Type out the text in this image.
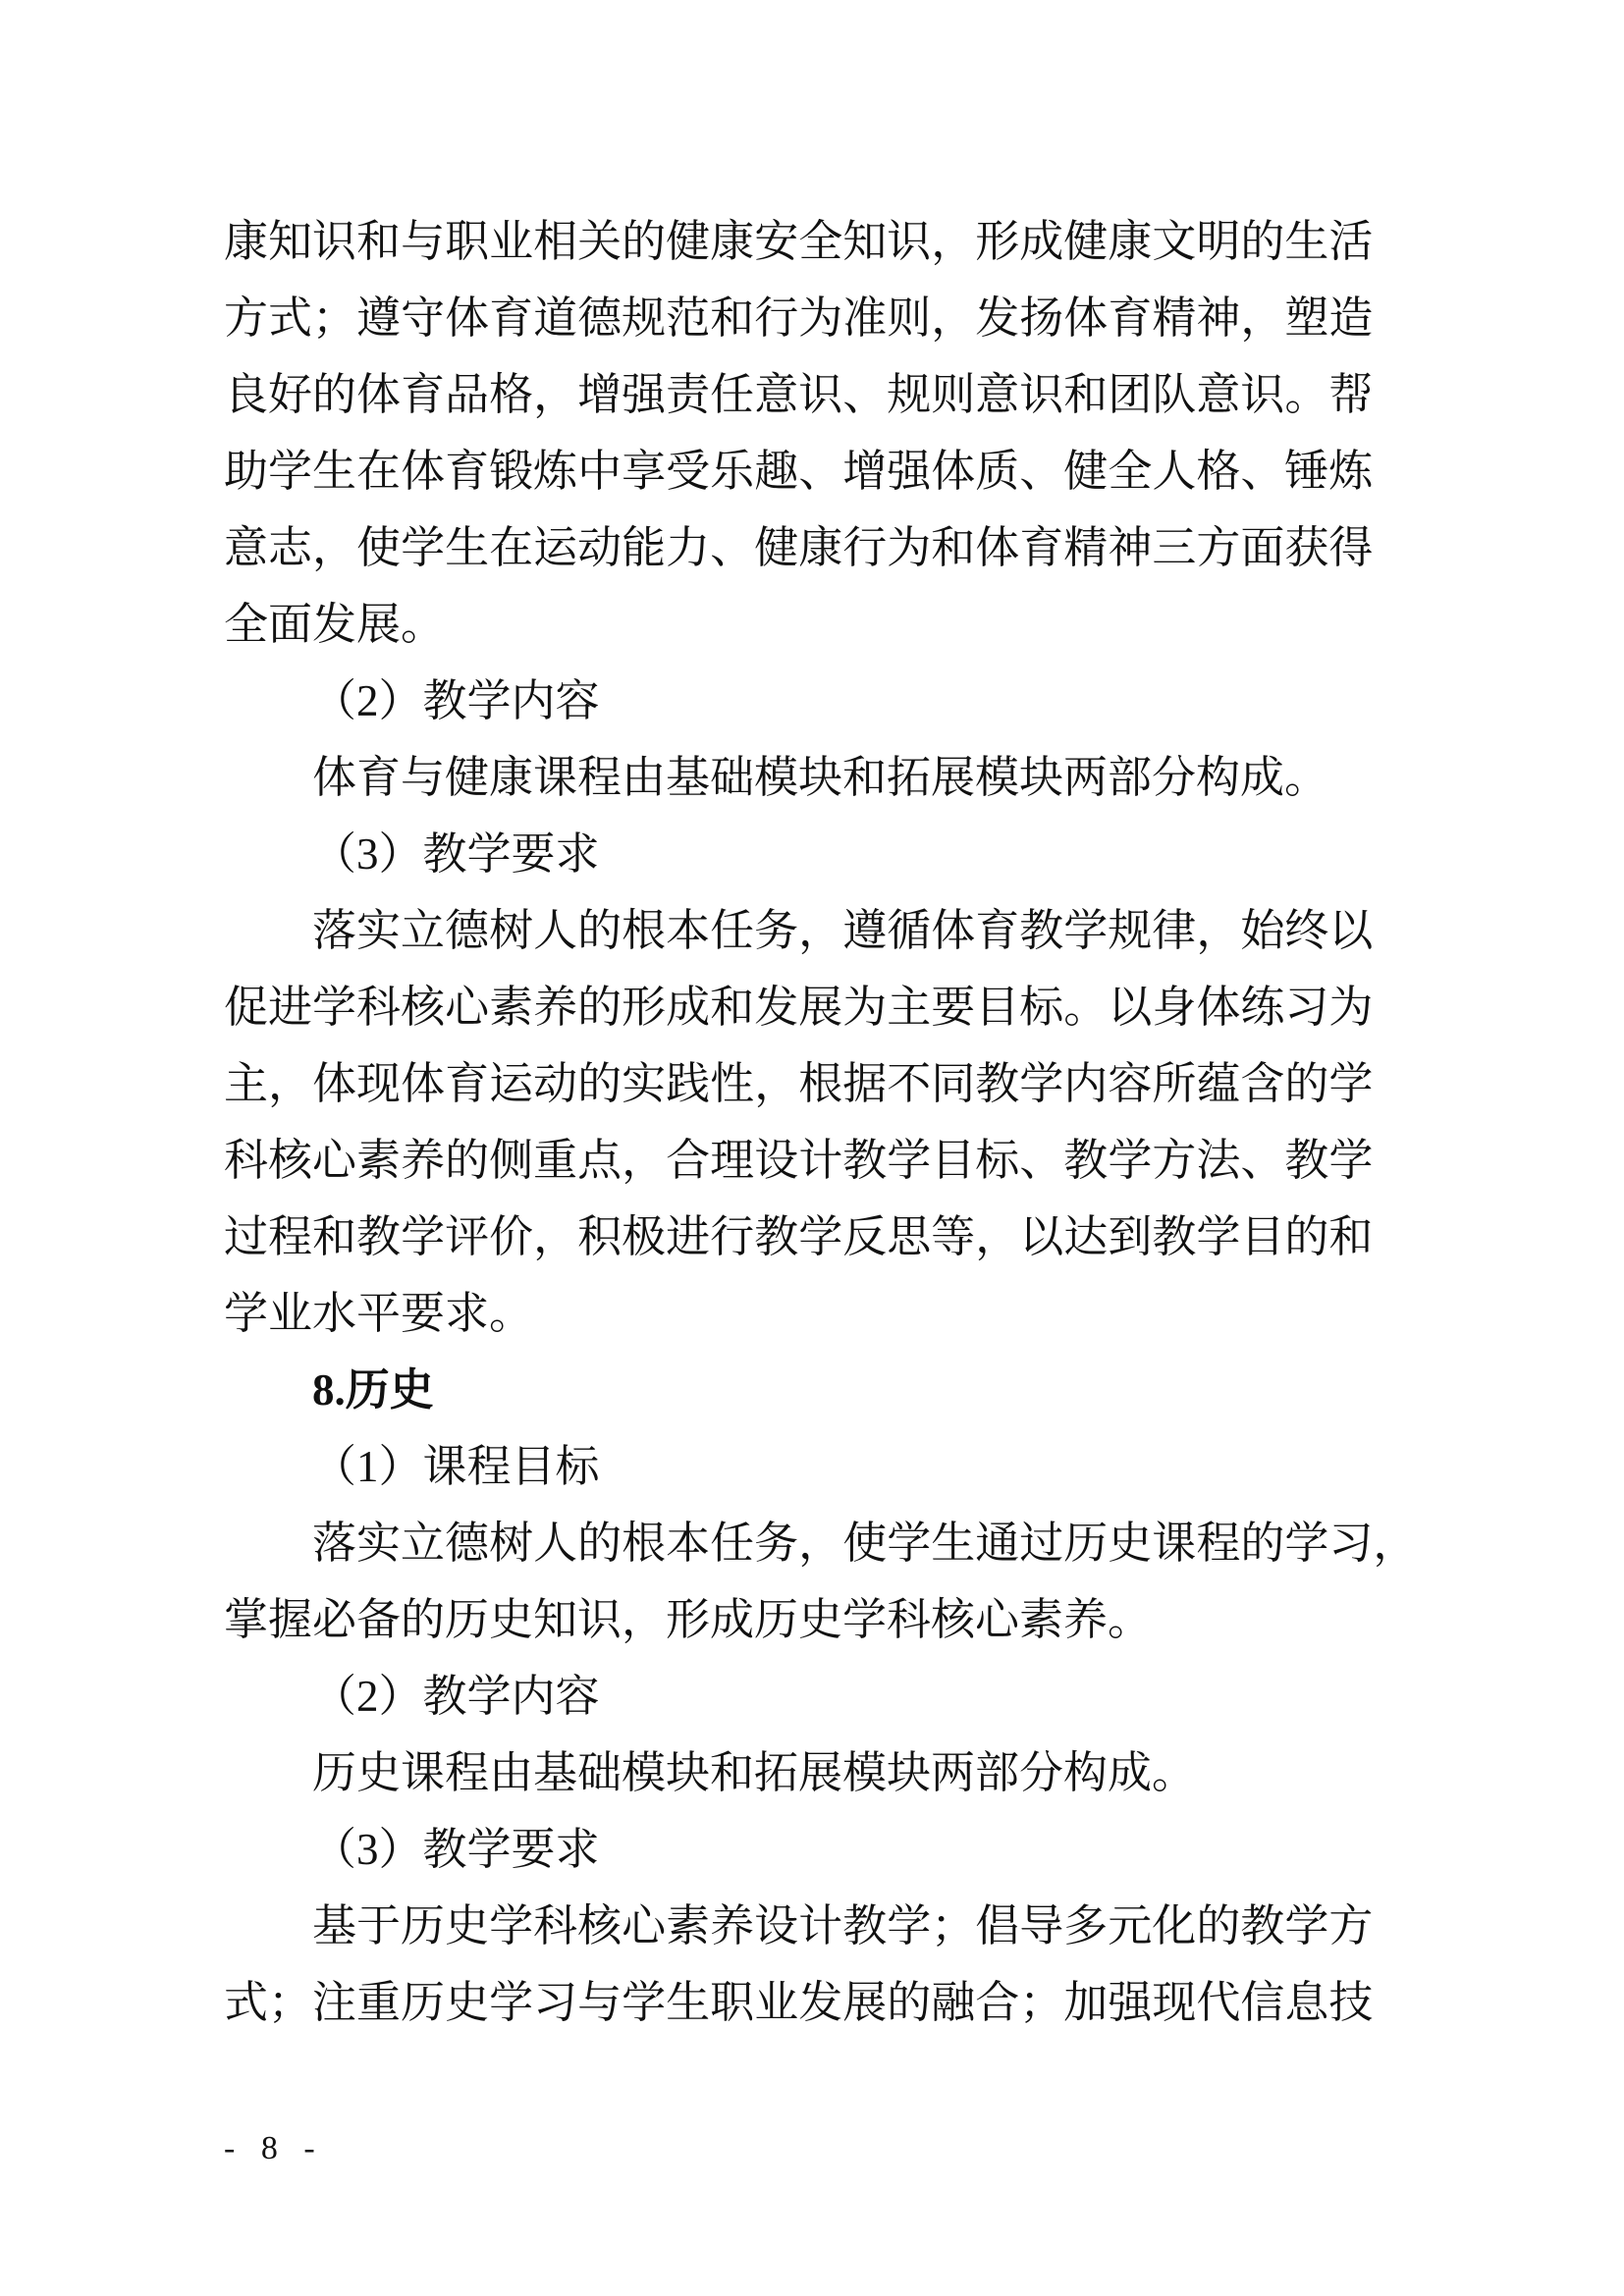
康 知 识 和 与 职 业 相 关 的 健 康 安 全 知 识 ， 形 成 健 康 文 明 的 生 活
方 式 ； 遵 守 体 育 道 德 规 范 和 行 为 准 则 ， 发 扬 体 育 精 神 ， 塑 造
良 好 的 体 育 品 格 ， 增 强 责 任 意 识 、 规 则 意 识 和 团 队 意 识 。 帮
助 学 生 在 体 育 锻 炼 中 享 受 乐 趣 、 增 强 体 质 、 健 全 人 格 、 锤 炼
意 志 ， 使 学 生 在 运 动 能 力 、 健 康 行 为 和 体 育 精 神 三 方 面 获 得
全面发展。
（2）教学内容
体育与健康课程由基础模块和拓展模块两部分构成。
（3）教学要求
落 实 立 德 树 人 的 根 本 任 务 ， 遵 循 体 育 教 学 规 律 ， 始 终 以
促 进 学 科 核 心 素 养 的 形 成 和 发 展 为 主 要 目 标 。 以 身 体 练 习 为
主 ， 体 现 体 育 运 动 的 实 践 性 ， 根 据 不 同 教 学 内 容 所 蕴 含 的 学
科 核 心 素 养 的 侧 重 点 ， 合 理 设 计 教 学 目 标 、 教 学 方 法 、 教 学
过 程 和 教 学 评 价 ， 积 极 进 行 教 学 反 思 等 ， 以 达 到 教 学 目 的 和
学业水平要求。
8.历史
（1）课程目标
落 实 立 德 树 人 的 根 本 任 务 ， 使 学 生 通 过 历 史 课 程 的 学 习 ，
掌握必备的历史知识，形成历史学科核心素养。
（2）教学内容
历史课程由基础模块和拓展模块两部分构成。
（3）教学要求
基 于 历 史 学 科 核 心 素 养 设 计 教 学 ； 倡 导 多 元 化 的 教 学 方
式 ； 注 重 历 史 学 习 与 学 生 职 业 发 展 的 融 合 ； 加 强 现 代 信 息 技
- 8 -
